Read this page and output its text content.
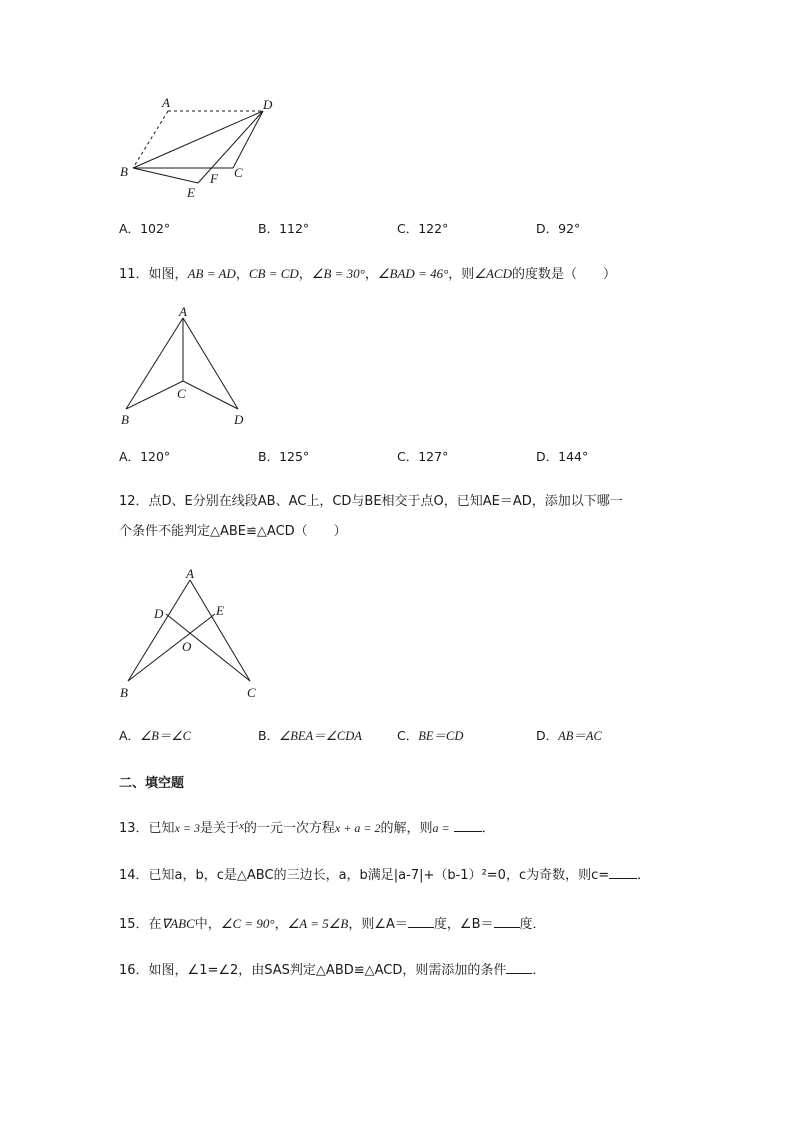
A	D
B	F C
E
A．102°	B．112°	C．122°	D．92°
11．如图，AB = AD，CB = CD，∠B = 30°，∠BAD = 46°，则∠ACD的度数是（　　）
A
C
B	D
A．120°	B．125°	C．127°	D．144°
12．点D、E分别在线段AB、AC上，CD与BE相交于点O，已知AE＝AD，添加以下哪一
个条件不能判定△ABE≌△ACD（　　）
A
D	E
O
B	C
A．∠B＝∠C	B．∠BEA＝∠CDA	C．BE＝CD	D．AB＝AC
二、填空题
13．已知x = 3是关于$^x$的一元一次方程x + a = 2的解，则a = ．
14．已知a，b，c是△ABC的三边长，a，b满足|a-7|+（b-1）²=0，c为奇数，则c= ．
15．在∇ABC中，∠C = 90°，∠A = 5∠B，则∠A＝ 度，∠B＝ 度．
16．如图，∠1=∠2，由SAS判定△ABD≌△ACD，则需添加的条件 ．
